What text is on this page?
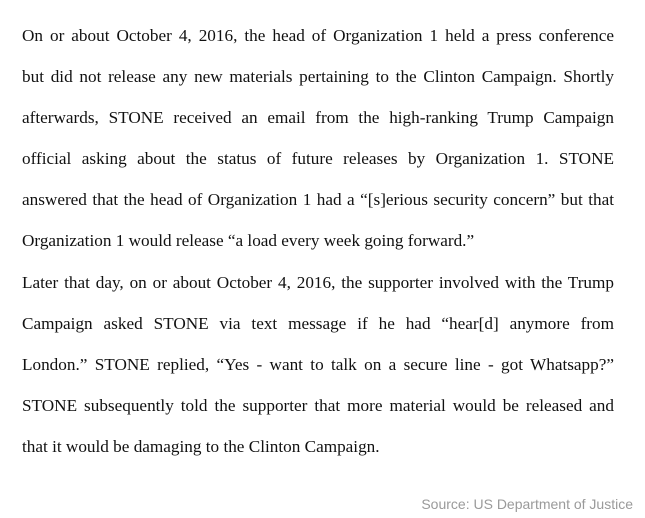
On or about October 4, 2016, the head of Organization 1 held a press conference
but did not release any new materials pertaining to the Clinton Campaign. Shortly
afterwards, STONE received an email from the high-ranking Trump Campaign
official asking about the status of future releases by Organization 1. STONE
answered that the head of Organization 1 had a “[s]erious security concern” but that
Organization 1 would release “a load every week going forward.”
Later that day, on or about October 4, 2016, the supporter involved with the Trump
Campaign asked STONE via text message if he had “hear[d] anymore from
London.” STONE replied, “Yes - want to talk on a secure line - got Whatsapp?”
STONE subsequently told the supporter that more material would be released and
that it would be damaging to the Clinton Campaign.
Source: US Department of Justice
